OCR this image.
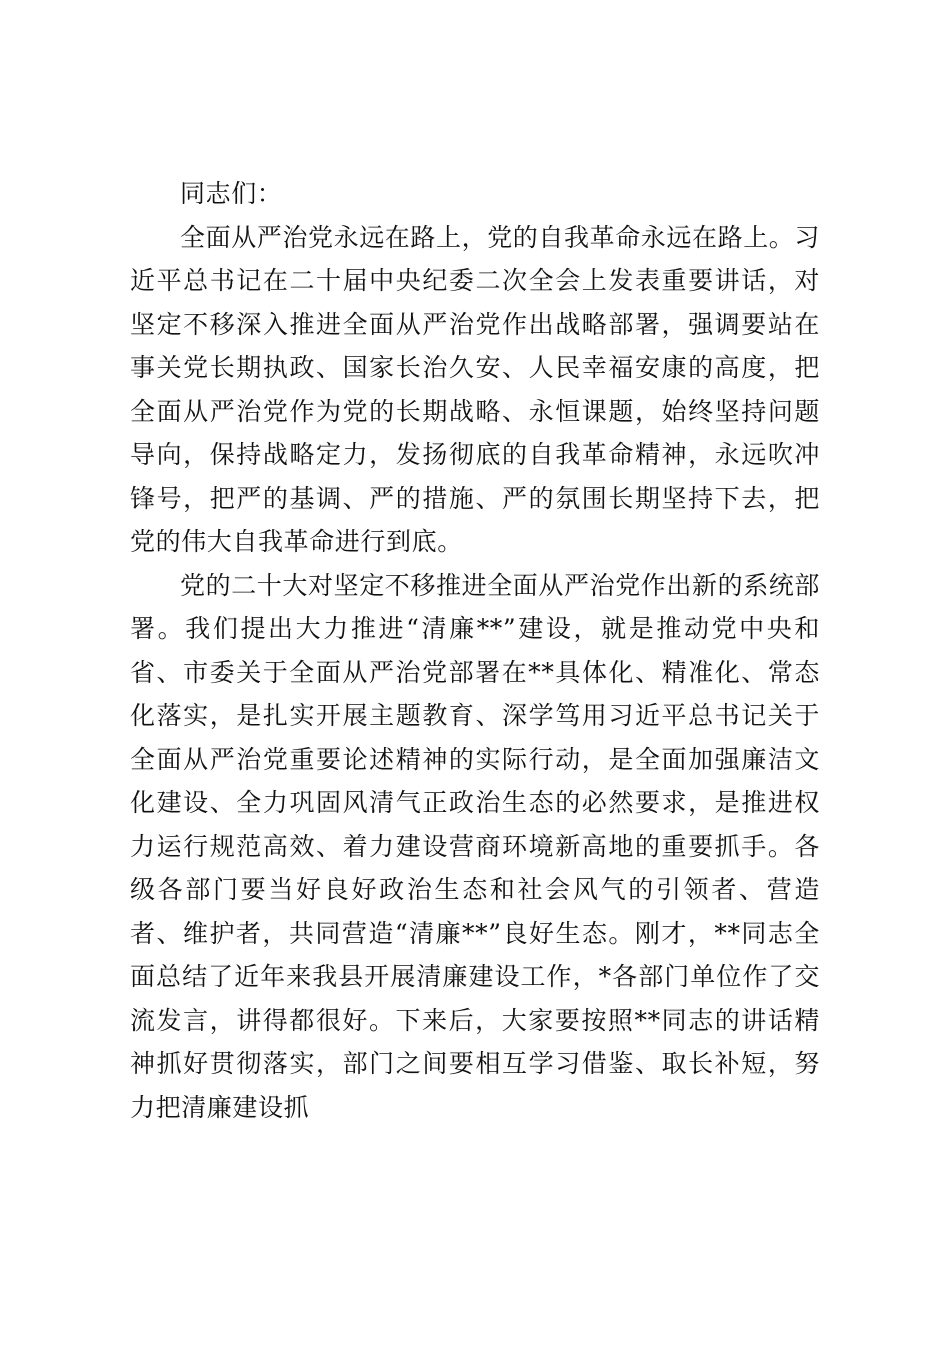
同志们：

全面从严治党永远在路上，党的自我革命永远在路上。习近平总书记在二十届中央纪委二次全会上发表重要讲话，对坚定不移深入推进全面从严治党作出战略部署，强调要站在事关党长期执政、国家长治久安、人民幸福安康的高度，把全面从严治党作为党的长期战略、永恒课题，始终坚持问题导向，保持战略定力，发扬彻底的自我革命精神，永远吹冲锋号，把严的基调、严的措施、严的氛围长期坚持下去，把党的伟大自我革命进行到底。

党的二十大对坚定不移推进全面从严治党作出新的系统部署。我们提出大力推进“清廉**”建设，就是推动党中央和省、市委关于全面从严治党部署在**具体化、精准化、常态化落实，是扎实开展主题教育、深学笃用习近平总书记关于全面从严治党重要论述精神的实际行动，是全面加强廉洁文化建设、全力巩固风清气正政治生态的必然要求，是推进权力运行规范高效、着力建设营商环境新高地的重要抓手。各级各部门要当好良好政治生态和社会风气的引领者、营造者、维护者，共同营造“清廉**”良好生态。刚才，**同志全面总结了近年来我县开展清廉建设工作，*各部门单位作了交流发言，讲得都很好。下来后，大家要按照**同志的讲话精神抓好贯彻落实，部门之间要相互学习借鉴、取长补短，努力把清廉建设抓
